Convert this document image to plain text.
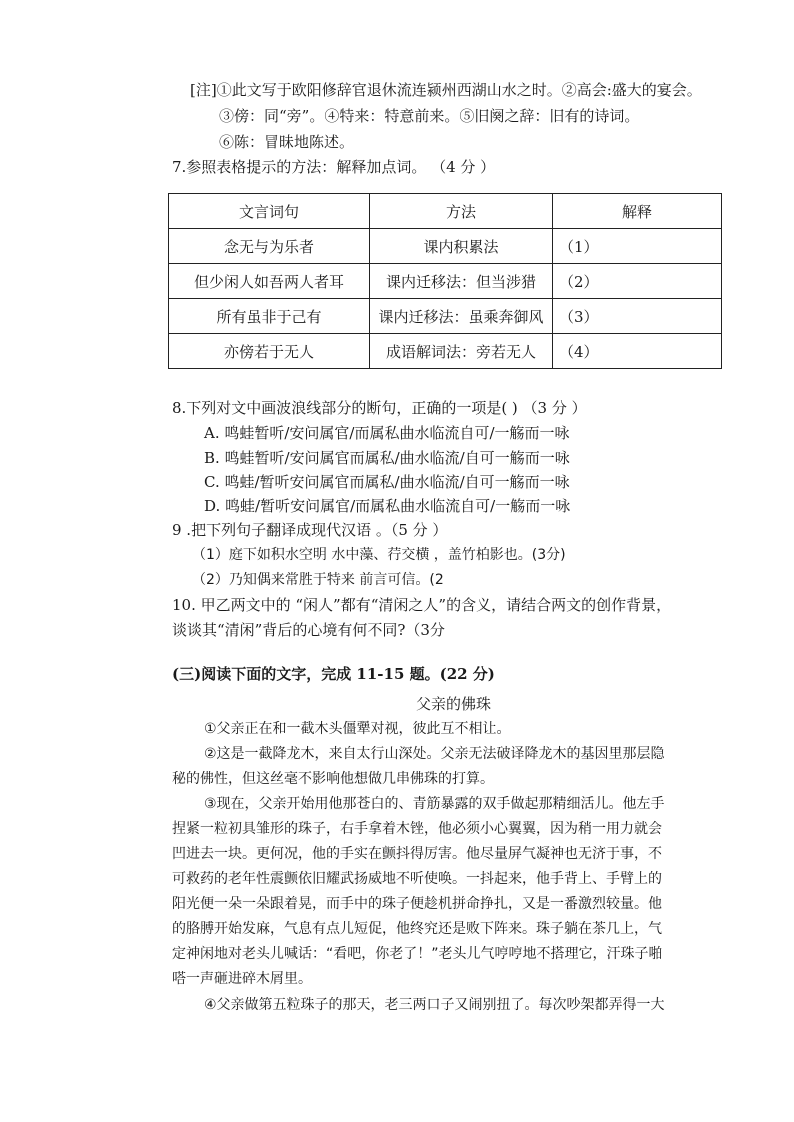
[注]①此文写于欧阳修辞官退休流连颍州西湖山水之时。②高会:盛大的宴会。
③傍：同“旁”。④特来：特意前来。⑤旧阕之辞：旧有的诗词。
⑥陈：冒昧地陈述。
7.参照表格提示的方法：解释加点词。 （4 分 ）
文言词句	方法	解释
念无与为乐者	课内积累法	（1）
但少闲人如吾两人者耳	课内迁移法：但当涉猎	（2）
所有虽非于己有	课内迁移法：虽乘奔御风	（3）
亦傍若于无人	成语解词法：旁若无人	（4）
8.下列对文中画波浪线部分的断句，正确的一项是( ) （3 分 ）
A. 鸣蛙暂听/安问属官/而属私曲水临流自可/一觞而一咏
B. 鸣蛙暂听/安问属官而属私/曲水临流/自可一觞而一咏
C. 鸣蛙/暂听安问属官而属私/曲水临流/自可一觞而一咏
D. 鸣蛙/暂听安问属官/而属私曲水临流自可/一觞而一咏
9 .把下列句子翻译成现代汉语 。（5 分 ）
（1）庭下如积水空明 水中藻、荇交横 ，盖竹柏影也。(3分)
（2）乃知偶来常胜于特来 前言可信。(2
10. 甲乙两文中的 “闲人”都有“清闲之人”的含义，请结合两文的创作背景，
谈谈其“清闲”背后的心境有何不同?（3分
(三)阅读下面的文字，完成 11-15 题。(22 分)
父亲的佛珠
①父亲正在和一截木头僵犟对视，彼此互不相让。
②这是一截降龙木，来自太行山深处。父亲无法破译降龙木的基因里那层隐
秘的佛性，但这丝毫不影响他想做几串佛珠的打算。
③现在，父亲开始用他那苍白的、青筋暴露的双手做起那精细活儿。他左手
捏紧一粒初具雏形的珠子，右手拿着木锉，他必须小心翼翼，因为稍一用力就会
凹进去一块。更何况，他的手实在颤抖得厉害。他尽量屏气凝神也无济于事，不
可救药的老年性震颤依旧耀武扬威地不听使唤。一抖起来，他手背上、手臂上的
阳光便一朵一朵跟着晃，而手中的珠子便趁机拼命挣扎，又是一番激烈较量。他
的胳膊开始发麻，气息有点儿短促，他终究还是败下阵来。珠子躺在茶几上，气
定神闲地对老头儿喊话：“看吧，你老了！”老头儿气哼哼地不搭理它，汗珠子啪
嗒一声砸进碎木屑里。
④父亲做第五粒珠子的那天，老三两口子又闹别扭了。每次吵架都弄得一大
